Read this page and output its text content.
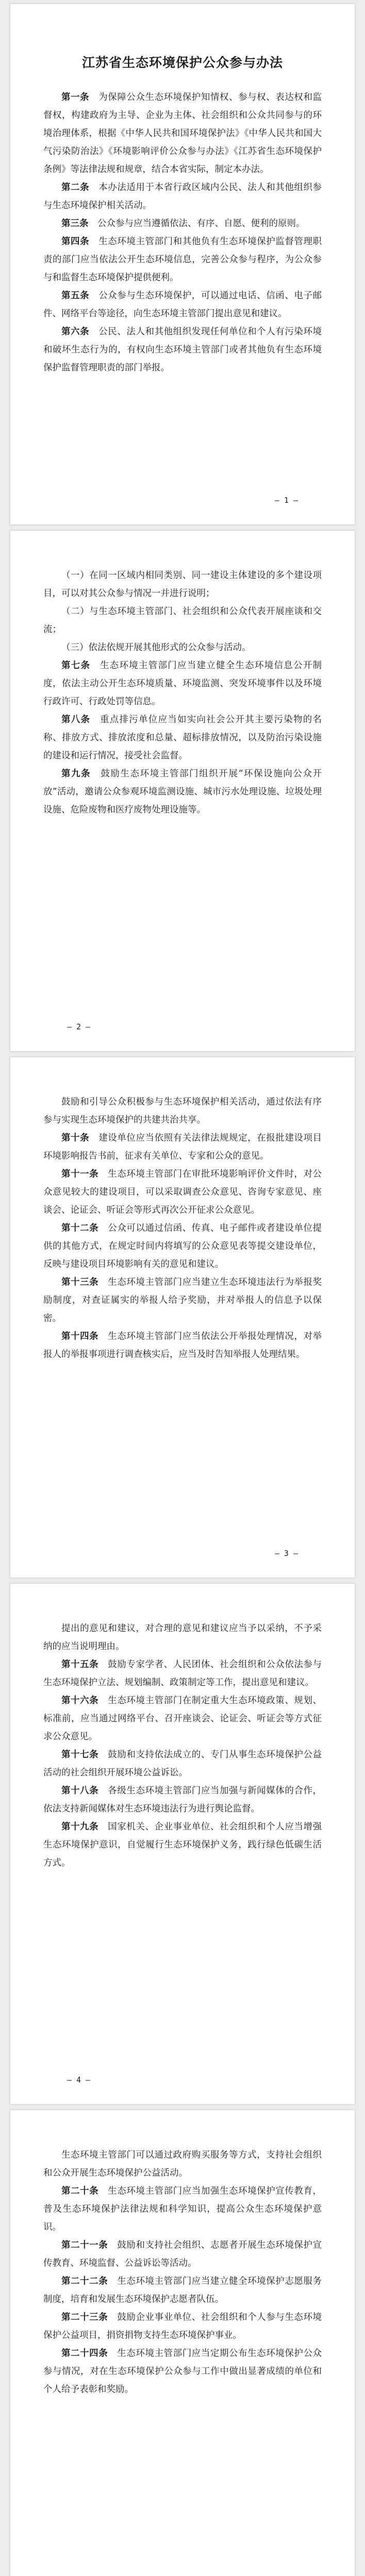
江苏省生态环境保护公众参与办法

第一条　 为保障公众生态环境保护知情权、参与权、表达权和监督权，构建政府为主导、企业为主体、社会组织和公众共同参与的环境治理体系，根据《中华人民共和国环境保护法》《中华人民共和国大气污染防治法》《环境影响评价公众参与办法》《江苏省生态环境保护条例》等法律法规和规章，结合本省实际，制定本办法。

第二条　 本办法适用于本省行政区域内公民、法人和其他组织参与生态环境保护相关活动。

第三条　 公众参与应当遵循依法、有序、自愿、便利的原则。

第四条　 生态环境主管部门和其他负有生态环境保护监督管理职责的部门应当依法公开生态环境信息，完善公众参与程序，为公众参与和监督生态环境保护提供便利。

第五条　 公众参与生态环境保护，可以通过电话、信函、电子邮件、网络平台等途径，向生态环境主管部门提出意见和建议。

第六条　 公民、法人和其他组织发现任何单位和个人有污染环境和破坏生态行为的，有权向生态环境主管部门或者其他负有生态环境保护监督管理职责的部门举报。

— 1 —

（一）在同一区域内相同类别、同一建设主体建设的多个建设项目，可以对其公众参与情况一并进行说明；

（二）与生态环境主管部门、社会组织和公众代表开展座谈和交流；

（三）依法依规开展其他形式的公众参与活动。

第七条　 生态环境主管部门应当建立健全生态环境信息公开制度，依法主动公开生态环境质量、环境监测、突发环境事件以及环境行政许可、行政处罚等信息。

第八条　 重点排污单位应当如实向社会公开其主要污染物的名称、排放方式、排放浓度和总量、超标排放情况，以及防治污染设施的建设和运行情况，接受社会监督。

第九条　 鼓励生态环境主管部门组织开展“环保设施向公众开放”活动，邀请公众参观环境监测设施、城市污水处理设施、垃圾处理设施、危险废物和医疗废物处理设施等。

— 2 —

鼓励和引导公众积极参与生态环境保护相关活动，通过依法有序参与实现生态环境保护的共建共治共享。

第十条　 建设单位应当依照有关法律法规规定，在报批建设项目环境影响报告书前，征求有关单位、专家和公众的意见。

第十一条　 生态环境主管部门在审批环境影响评价文件时，对公众意见较大的建设项目，可以采取调查公众意见、咨询专家意见、座谈会、论证会、听证会等形式再次公开征求公众意见。

第十二条　 公众可以通过信函、传真、电子邮件或者建设单位提供的其他方式，在规定时间内将填写的公众意见表等提交建设单位，反映与建设项目环境影响有关的意见和建议。

第十三条　 生态环境主管部门应当建立生态环境违法行为举报奖励制度，对查证属实的举报人给予奖励，并对举报人的信息予以保密。

第十四条　 生态环境主管部门应当依法公开举报处理情况，对举报人的举报事项进行调查核实后，应当及时告知举报人处理结果。

— 3 —

提出的意见和建议，对合理的意见和建议应当予以采纳，不予采纳的应当说明理由。

第十五条　 鼓励专家学者、人民团体、社会组织和公众依法参与生态环境保护立法、规划编制、政策制定等工作，提出意见和建议。

第十六条　 生态环境主管部门在制定重大生态环境政策、规划、标准前，应当通过网络平台、召开座谈会、论证会、听证会等方式征求公众意见。

第十七条　 鼓励和支持依法成立的、专门从事生态环境保护公益活动的社会组织开展环境公益诉讼。

第十八条　 各级生态环境主管部门应当加强与新闻媒体的合作，依法支持新闻媒体对生态环境违法行为进行舆论监督。

第十九条　 国家机关、企业事业单位、社会组织和个人应当增强生态环境保护意识，自觉履行生态环境保护义务，践行绿色低碳生活方式。

— 4 —

生态环境主管部门可以通过政府购买服务等方式，支持社会组织和公众开展生态环境保护公益活动。

第二十条　 生态环境主管部门应当加强生态环境保护宣传教育，普及生态环境保护法律法规和科学知识，提高公众生态环境保护意识。

第二十一条　 鼓励和支持社会组织、志愿者开展生态环境保护宣传教育、环境监督、公益诉讼等活动。

第二十二条　 生态环境主管部门应当建立健全环境保护志愿服务制度，培育和发展生态环境保护志愿者队伍。

第二十三条　 鼓励企业事业单位、社会组织和个人参与生态环境保护公益项目，捐资捐物支持生态环境保护事业。

第二十四条　 生态环境主管部门应当定期公布生态环境保护公众参与情况，对在生态环境保护公众参与工作中做出显著成绩的单位和个人给予表彰和奖励。
